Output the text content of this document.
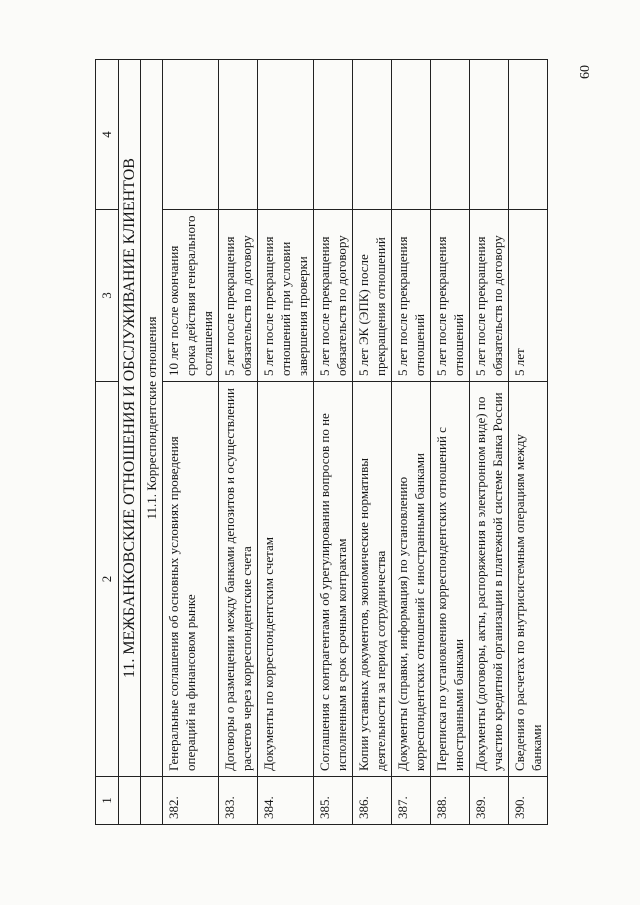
60
1	2	3	4
	11. МЕЖБАНКОВСКИЕ ОТНОШЕНИЯ И ОБСЛУЖИВАНИЕ КЛИЕНТОВ		
	11.1. Корреспондентские отношения		
382.	Генеральные соглашения об основных условиях проведения операций на финансовом рынке	10 лет после окончания срока действия генерального соглашения	
383.	Договоры о размещении между банками депозитов и осуществлении расчетов через корреспондентские счета	5 лет после прекращения обязательств по договору	
384.	Документы по корреспондентским счетам	5 лет после прекращения отношений при условии завершения проверки	
385.	Соглашения с контрагентами об урегулировании вопросов по не исполненным в срок срочным контрактам	5 лет после прекращения обязательств по договору	
386.	Копии уставных документов, экономические нормативы деятельности за период сотрудничества	5 лет ЭК (ЭПК) после прекращения отношений	
387.	Документы (справки, информация) по установлению корреспондентских отношений с иностранными банками	5 лет после прекращения отношений	
388.	Переписка по установлению корреспондентских отношений с иностранными банками	5 лет после прекращения отношений	
389.	Документы (договоры, акты, распоряжения в электронном виде) по участию кредитной организации в платежной системе Банка России	5 лет после прекращения обязательств по договору	
390.	Сведения о расчетах по внутрисистемным операциям между банками	5 лет	
